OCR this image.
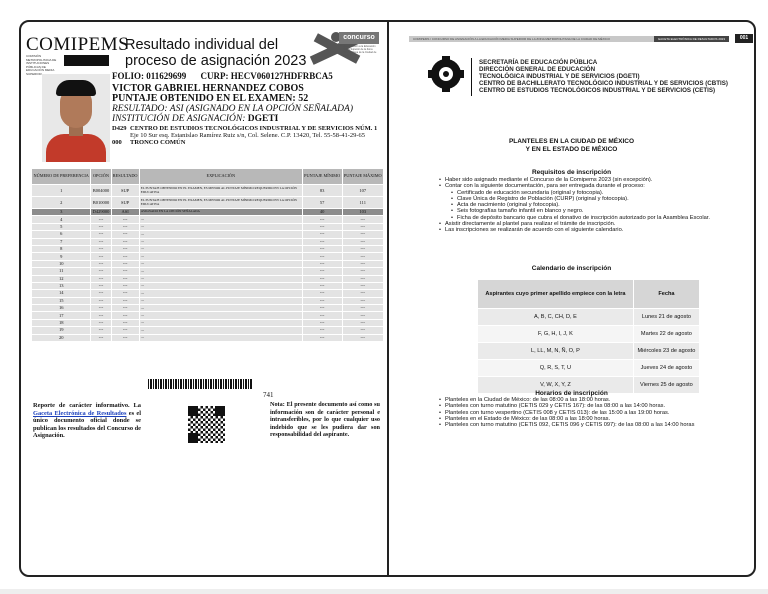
COMIPEMS
COMISIÓN METROPOLITANA DE INSTITUCIONES PÚBLICAS DE EDUCACIÓN MEDIA SUPERIOR
Resultado individual del proceso de asignación 2023
concurso
de asignación a la Educación Media Superior de la Zona Metropolitana de la Ciudad de México
FOLIO: 011629699 CURP: HECV060127HDFRBCA5
VICTOR GABRIEL HERNANDEZ COBOS
PUNTAJE OBTENIDO EN EL EXAMEN: 52
RESULTADO: ASI (ASIGNADO EN LA OPCIÓN SEÑALADA)
INSTITUCIÓN DE ASIGNACIÓN: DGETI
D429 CENTRO DE ESTUDIOS TECNOLÓGICOS INDUSTRIAL Y DE SERVICIOS NÚM. 1
Eje 10 Sur esq. Estanislao Ramírez Ruiz s/n, Col. Selene. C.P. 13420, Tel. 55-58-41-29-65
000	TRONCO COMÚN
NÚMERO DE PREFERENCIA	OPCIÓN	RESULTADO	EXPLICACIÓN	PUNTAJE MÍNIMO	PUNTAJE MÁXIMO
1	B004000	SUP	EL PUNTAJE OBTENIDO EN EL EXAMEN, ES MENOR AL PUNTAJE MÍNIMO REQUERIDO EN LA OPCIÓN EDUCATIVA	83	107
2	B010000	SUP	EL PUNTAJE OBTENIDO EN EL EXAMEN, ES MENOR AL PUNTAJE MÍNIMO REQUERIDO EN LA OPCIÓN EDUCATIVA	57	111
3	D429000	ASI	ASIGNADO EN LA OPCIÓN SEÑALADA	40	103
4	---	---	---	---	---
5	---	---	---	---	---
6	---	---	---	---	---
7	---	---	---	---	---
8	---	---	---	---	---
9	---	---	---	---	---
10	---	---	---	---	---
11	---	---	---	---	---
12	---	---	---	---	---
13	---	---	---	---	---
14	---	---	---	---	---
15	---	---	---	---	---
16	---	---	---	---	---
17	---	---	---	---	---
18	---	---	---	---	---
19	---	---	---	---	---
20	---	---	---	---	---
741
Reporte de carácter informativo. La Gaceta Electrónica de Resultados es el único documento oficial donde se publican los resultados del Concurso de Asignación.
Nota: El presente documento así como su información son de carácter personal e intransferibles, por lo que cualquier uso indebido que se les pudiera dar son responsabilidad del aspirante.
COMIPEMS / CONCURSO DE ASIGNACIÓN A LA EDUCACIÓN MEDIA SUPERIOR DE LA ZONA METROPOLITANA DE LA CIUDAD DE MÉXICO	GACETA ELECTRÓNICA DE RESULTADOS 2023	001
SECRETARÍA DE EDUCACIÓN PÚBLICA
DIRECCIÓN GENERAL DE EDUCACIÓN
TECNOLÓGICA INDUSTRIAL Y DE SERVICIOS (DGETI)
CENTRO DE BACHILLERATO TECNOLÓGICO INDUSTRIAL Y DE SERVICIOS (CBTIS)
CENTRO DE ESTUDIOS TECNOLÓGICOS INDUSTRIAL Y DE SERVICIOS (CETIS)
PLANTELES EN LA CIUDAD DE MÉXICO
Y EN EL ESTADO DE MÉXICO
Requisitos de inscripción

• Haber sido asignado mediante el Concurso de la Comipems 2023 (sin excepción).

• Contar con la siguiente documentación, para ser entregada durante el proceso:

• Certificado de educación secundaria (original y fotocopia).

• Clave Única de Registro de Población (CURP) (original y fotocopia).

• Acta de nacimiento (original y fotocopia).

• Seis fotografías tamaño infantil en blanco y negro.

• Ficha de depósito bancario que cubra el donativo de inscripción autorizado por la Asamblea Escolar.

• Asistir directamente al plantel para realizar el trámite de inscripción.

• Las inscripciones se realizarán de acuerdo con el siguiente calendario.

Calendario de inscripción
Aspirantes cuyo primer apellido empiece con la letra	Fecha
A, B, C, CH, D, E	Lunes 21 de agosto
F, G, H, I, J, K	Martes 22 de agosto
L, LL, M, N, Ñ, O, P	Miércoles 23 de agosto
Q, R, S, T, U	Jueves 24 de agosto
V, W, X, Y, Z	Viernes 25 de agosto
Horarios de inscripción

• Planteles en la Ciudad de México: de las 08:00 a las 18:00 horas.

• Planteles con turno matutino (CETIS 029 y CETIS 167): de las 08:00 a las 14:00 horas.

• Planteles con turno vespertino (CETIS 008 y CETIS 013): de las 15:00 a las 19:00 horas.

• Planteles en el Estado de México: de las 08:00 a las 18:00 horas.

• Planteles con turno matutino (CETIS 092, CETIS 096 y CETIS 097): de las 08:00 a las 14:00 horas
